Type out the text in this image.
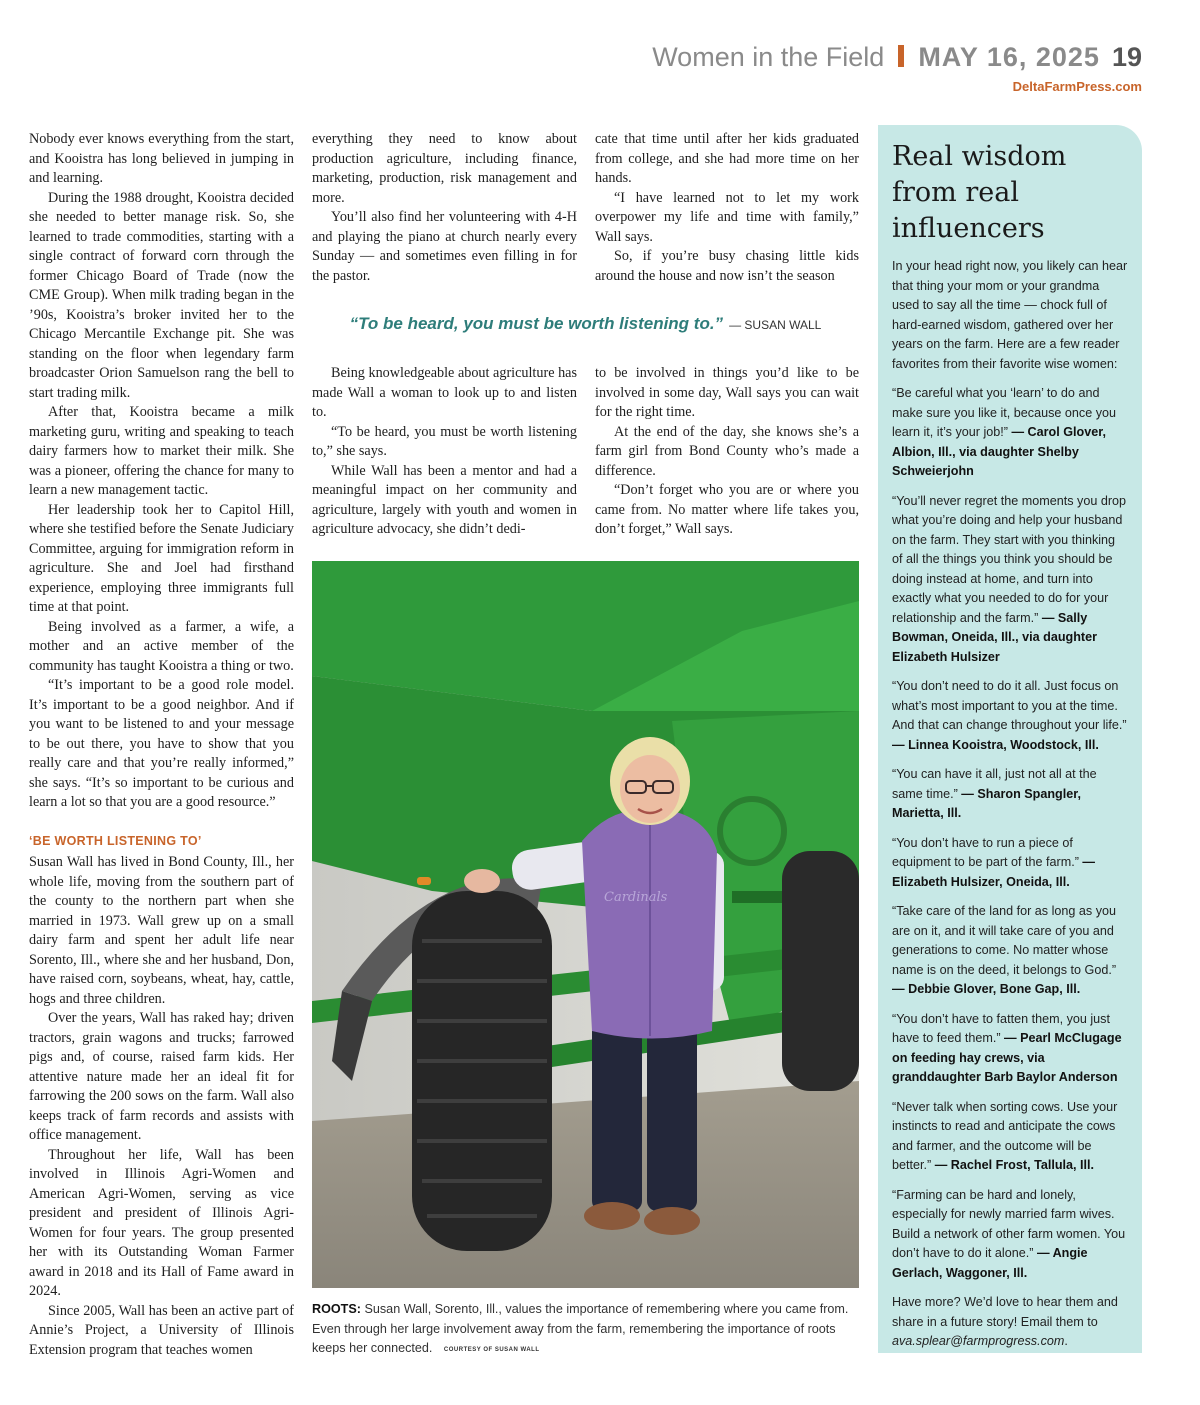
Women in the Field MAY 16, 2025 19
DeltaFarmPress.com

Nobody ever knows everything from the start, and Kooistra has long believed in jumping in and learning.

During the 1988 drought, Kooistra decided she needed to better manage risk. So, she learned to trade commodities, starting with a single contract of forward corn through the former Chicago Board of Trade (now the CME Group). When milk trading began in the ’90s, Kooistra’s broker invited her to the Chicago Mercantile Exchange pit. She was standing on the floor when legendary farm broadcaster Orion Samuelson rang the bell to start trading milk.

After that, Kooistra became a milk marketing guru, writing and speaking to teach dairy farmers how to market their milk. She was a pioneer, offering the chance for many to learn a new management tactic.

Her leadership took her to Capitol Hill, where she testified before the Senate Judiciary Committee, arguing for immigration reform in agriculture. She and Joel had firsthand experience, employing three immigrants full time at that point.

Being involved as a farmer, a wife, a mother and an active member of the community has taught Kooistra a thing or two.

“It’s important to be a good role model. It’s important to be a good neighbor. And if you want to be listened to and your message to be out there, you have to show that you really care and that you’re really informed,” she says. “It’s so important to be curious and learn a lot so that you are a good resource.”

‘BE WORTH LISTENING TO’

Susan Wall has lived in Bond County, Ill., her whole life, moving from the southern part of the county to the northern part when she married in 1973. Wall grew up on a small dairy farm and spent her adult life near Sorento, Ill., where she and her husband, Don, have raised corn, soybeans, wheat, hay, cattle, hogs and three children.

Over the years, Wall has raked hay; driven tractors, grain wagons and trucks; farrowed pigs and, of course, raised farm kids. Her attentive nature made her an ideal fit for farrowing the 200 sows on the farm. Wall also keeps track of farm records and assists with office management.

Throughout her life, Wall has been involved in Illinois Agri-Women and American Agri-Women, serving as vice president and president of Illinois Agri-Women for four years. The group presented her with its Outstanding Woman Farmer award in 2018 and its Hall of Fame award in 2024.

Since 2005, Wall has been an active part of Annie’s Project, a University of Illinois Extension program that teaches women

everything they need to know about production agriculture, including finance, marketing, production, risk management and more.

You’ll also find her volunteering with 4-H and playing the piano at church nearly every Sunday — and sometimes even filling in for the pastor.

cate that time until after her kids graduated from college, and she had more time on her hands.

“I have learned not to let my work overpower my life and time with family,” Wall says.

So, if you’re busy chasing little kids around the house and now isn’t the season

“To be heard, you must be worth listening to.” — SUSAN WALL

Being knowledgeable about agriculture has made Wall a woman to look up to and listen to.

“To be heard, you must be worth listening to,” she says.

While Wall has been a mentor and had a meaningful impact on her community and agriculture, largely with youth and women in agriculture advocacy, she didn’t dedi-

to be involved in things you’d like to be involved in some day, Wall says you can wait for the right time.

At the end of the day, she knows she’s a farm girl from Bond County who’s made a difference.

“Don’t forget who you are or where you came from. No matter where life takes you, don’t forget,” Wall says.

Cardinals
ROOTS: Susan Wall, Sorento, Ill., values the importance of remembering where you came from. Even through her large involvement away from the farm, remembering the importance of roots keeps her connected. COURTESY OF SUSAN WALL
Real wisdom from real influencers

In your head right now, you likely can hear that thing your mom or your grandma used to say all the time — chock full of hard-earned wisdom, gathered over her years on the farm. Here are a few reader favorites from their favorite wise women:

“Be careful what you ‘learn’ to do and make sure you like it, because once you learn it, it’s your job!” — Carol Glover, Albion, Ill., via daughter Shelby Schweierjohn

“You’ll never regret the moments you drop what you’re doing and help your husband on the farm. They start with you thinking of all the things you think you should be doing instead at home, and turn into exactly what you needed to do for your relationship and the farm.” — Sally Bowman, Oneida, Ill., via daughter Elizabeth Hulsizer

“You don’t need to do it all. Just focus on what’s most important to you at the time. And that can change throughout your life.” — Linnea Kooistra, Woodstock, Ill.

“You can have it all, just not all at the same time.” — Sharon Spangler, Marietta, Ill.

“You don’t have to run a piece of equipment to be part of the farm.” — Elizabeth Hulsizer, Oneida, Ill.

“Take care of the land for as long as you are on it, and it will take care of you and generations to come. No matter whose name is on the deed, it belongs to God.” — Debbie Glover, Bone Gap, Ill.

“You don’t have to fatten them, you just have to feed them.” — Pearl McClugage on feeding hay crews, via granddaughter Barb Baylor Anderson

“Never talk when sorting cows. Use your instincts to read and anticipate the cows and farmer, and the outcome will be better.” — Rachel Frost, Tallula, Ill.

“Farming can be hard and lonely, especially for newly married farm wives. Build a network of other farm women. You don’t have to do it alone.” — Angie Gerlach, Waggoner, Ill.

Have more? We’d love to hear them and share in a future story! Email them to ava.splear@farmprogress.com.
